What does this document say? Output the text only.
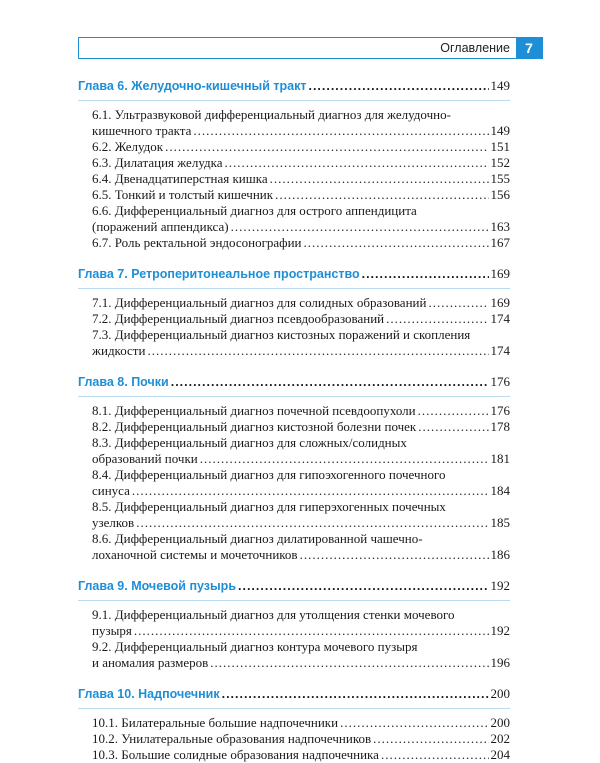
Оглавление	7
Глава 6. Желудочно-кишечный тракт .....	149
6.1. Ультразвуковой дифференциальный диагноз для желудочно-
кишечного тракта .....	149
6.2. Желудок .....	151
6.3. Дилатация желудка .....	152
6.4. Двенадцатиперстная кишка .....	155
6.5. Тонкий и толстый кишечник .....	156
6.6. Дифференциальный диагноз для острого аппендицита
(поражений аппендикса) .....	163
6.7. Роль ректальной эндосонографии .....	167
Глава 7. Ретроперитонеальное пространство .....	169
7.1. Дифференциальный диагноз для солидных образований .....	169
7.2. Дифференциальный диагноз псевдообразований .....	174
7.3. Дифференциальный диагноз кистозных поражений и скопления
жидкости .....	174
Глава 8. Почки .....	176
8.1. Дифференциальный диагноз почечной псевдоопухоли .....	176
8.2. Дифференциальный диагноз кистозной болезни почек .....	178
8.3. Дифференциальный диагноз для сложных/солидных
образований почки .....	181
8.4. Дифференциальный диагноз для гипоэхогенного почечного
синуса .....	184
8.5. Дифференциальный диагноз для гиперэхогенных почечных
узелков .....	185
8.6. Дифференциальный диагноз дилатированной чашечно-
лоханочной системы и мочеточников .....	186
Глава 9. Мочевой пузырь .....	192
9.1. Дифференциальный диагноз для утолщения стенки мочевого
пузыря .....	192
9.2. Дифференциальный диагноз контура мочевого пузыря
и аномалия размеров .....	196
Глава 10. Надпочечник .....	200
10.1. Билатеральные большие надпочечники .....	200
10.2. Унилатеральные образования надпочечников .....	202
10.3. Большие солидные образования надпочечника .....	204
